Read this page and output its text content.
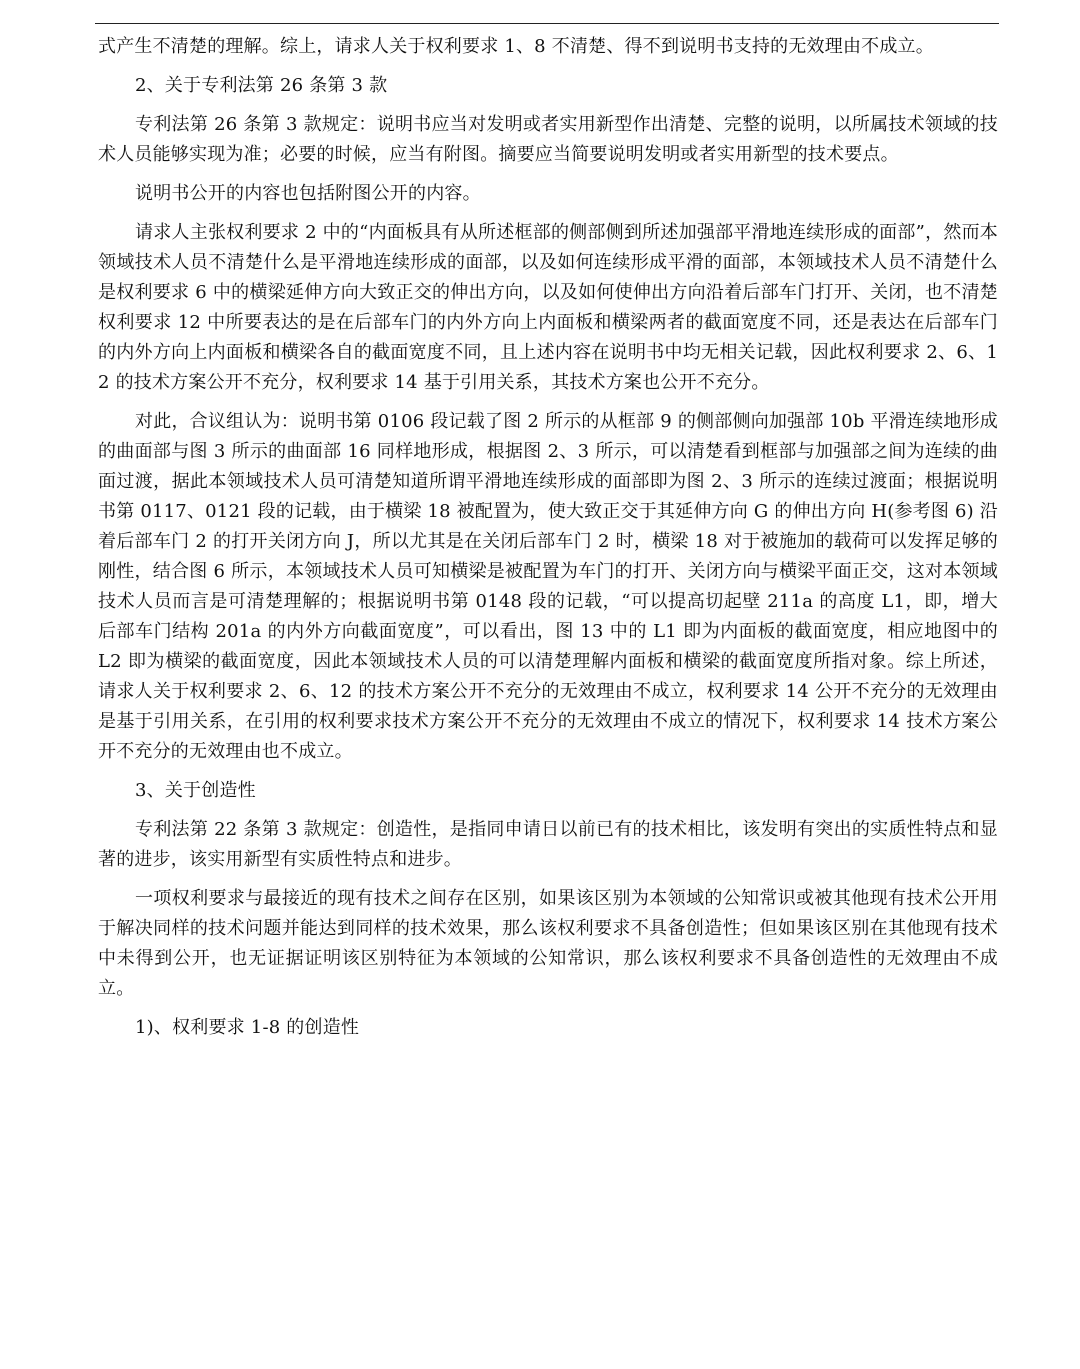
式产生不清楚的理解。综上，请求人关于权利要求 1、8 不清楚、得不到说明书支持的无效理由不成立。

2、关于专利法第 26 条第 3 款

专利法第 26 条第 3 款规定：说明书应当对发明或者实用新型作出清楚、完整的说明，以所属技术领域的技术人员能够实现为准；必要的时候，应当有附图。摘要应当简要说明发明或者实用新型的技术要点。

说明书公开的内容也包括附图公开的内容。

请求人主张权利要求 2 中的“内面板具有从所述框部的侧部侧到所述加强部平滑地连续形成的面部”，然而本领域技术人员不清楚什么是平滑地连续形成的面部，以及如何连续形成平滑的面部，本领域技术人员不清楚什么是权利要求 6 中的横梁延伸方向大致正交的伸出方向，以及如何使伸出方向沿着后部车门打开、关闭，也不清楚权利要求 12 中所要表达的是在后部车门的内外方向上内面板和横梁两者的截面宽度不同，还是表达在后部车门的内外方向上内面板和横梁各自的截面宽度不同，且上述内容在说明书中均无相关记载，因此权利要求 2、6、12 的技术方案公开不充分，权利要求 14 基于引用关系，其技术方案也公开不充分。

对此，合议组认为：说明书第 0106 段记载了图 2 所示的从框部 9 的侧部侧向加强部 10b 平滑连续地形成的曲面部与图 3 所示的曲面部 16 同样地形成，根据图 2、3 所示，可以清楚看到框部与加强部之间为连续的曲面过渡，据此本领域技术人员可清楚知道所谓平滑地连续形成的面部即为图 2、3 所示的连续过渡面；根据说明书第 0117、0121 段的记载，由于横梁 18 被配置为，使大致正交于其延伸方向 G 的伸出方向 H(参考图 6) 沿着后部车门 2 的打开关闭方向 J，所以尤其是在关闭后部车门 2 时，横梁 18 对于被施加的载荷可以发挥足够的刚性，结合图 6 所示，本领域技术人员可知横梁是被配置为车门的打开、关闭方向与横梁平面正交，这对本领域技术人员而言是可清楚理解的；根据说明书第 0148 段的记载，“可以提高切起壁 211a 的高度 L1，即，增大后部车门结构 201a 的内外方向截面宽度”，可以看出，图 13 中的 L1 即为内面板的截面宽度，相应地图中的 L2 即为横梁的截面宽度，因此本领域技术人员的可以清楚理解内面板和横梁的截面宽度所指对象。综上所述，请求人关于权利要求 2、6、12 的技术方案公开不充分的无效理由不成立，权利要求 14 公开不充分的无效理由是基于引用关系，在引用的权利要求技术方案公开不充分的无效理由不成立的情况下，权利要求 14 技术方案公开不充分的无效理由也不成立。

3、关于创造性

专利法第 22 条第 3 款规定：创造性，是指同申请日以前已有的技术相比，该发明有突出的实质性特点和显著的进步，该实用新型有实质性特点和进步。

一项权利要求与最接近的现有技术之间存在区别，如果该区别为本领域的公知常识或被其他现有技术公开用于解决同样的技术问题并能达到同样的技术效果，那么该权利要求不具备创造性；但如果该区别在其他现有技术中未得到公开，也无证据证明该区别特征为本领域的公知常识，那么该权利要求不具备创造性的无效理由不成立。

1)、权利要求 1-8 的创造性
